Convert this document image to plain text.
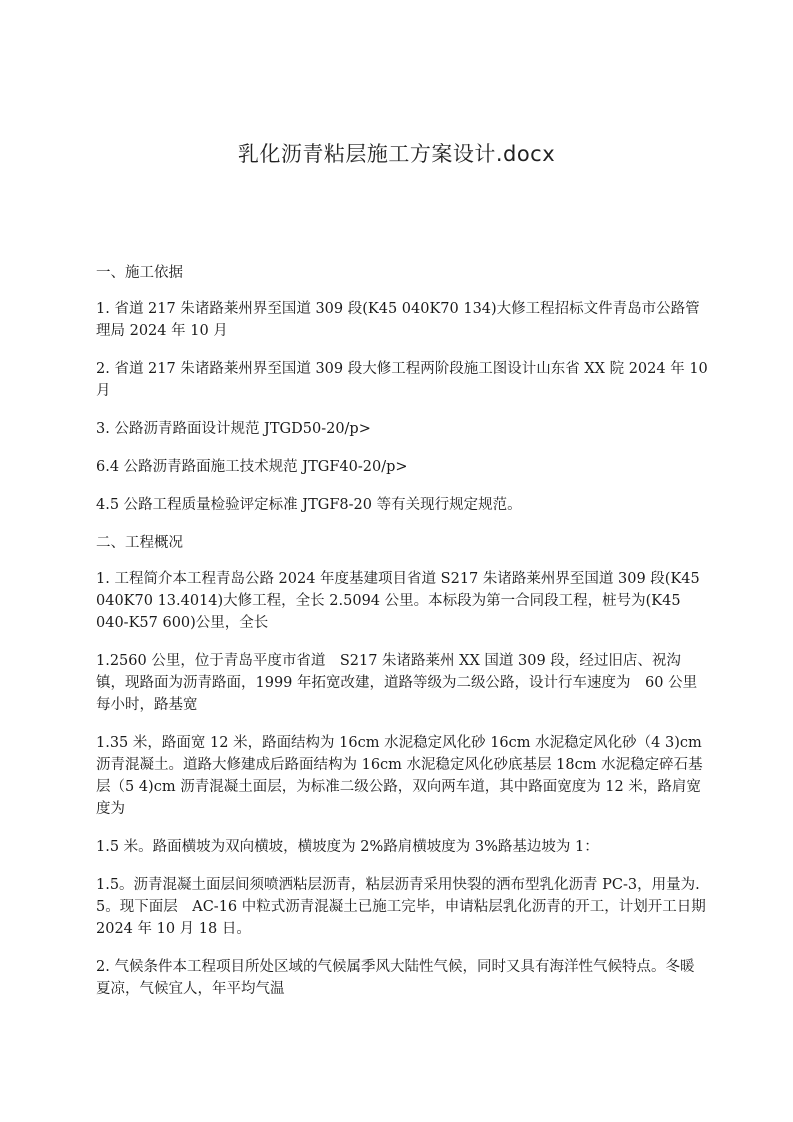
乳化沥青粘层施工方案设计.docx

一、施工依据

1. 省道 217 朱诸路莱州界至国道 309 段(K45 040K70 134)大修工程招标文件青岛市公路管理局 2024 年 10 月

2. 省道 217 朱诸路莱州界至国道 309 段大修工程两阶段施工图设计山东省 XX 院 2024 年 10 月

3. 公路沥青路面设计规范 JTGD50-20/p>

6.4 公路沥青路面施工技术规范 JTGF40-20/p>

4.5 公路工程质量检验评定标准 JTGF8-20 等有关现行规定规范。

二、工程概况

1. 工程简介本工程青岛公路 2024 年度基建项目省道 S217 朱诸路莱州界至国道 309 段(K45 040K70 13.4014)大修工程，全长 2.5094 公里。本标段为第一合同段工程，桩号为(K45 040-K57 600)公里，全长

1.2560 公里，位于青岛平度市省道　S217 朱诸路莱州 XX 国道 309 段，经过旧店、祝沟镇，现路面为沥青路面，1999 年拓宽改建，道路等级为二级公路，设计行车速度为　60 公里每小时，路基宽

1.35 米，路面宽 12 米，路面结构为 16cm 水泥稳定风化砂 16cm 水泥稳定风化砂（4 3)cm 沥青混凝土。道路大修建成后路面结构为 16cm 水泥稳定风化砂底基层 18cm 水泥稳定碎石基层（5 4)cm 沥青混凝土面层，为标准二级公路，双向两车道，其中路面宽度为 12 米，路肩宽度为

1.5 米。路面横坡为双向横坡，横坡度为 2%路肩横坡度为 3%路基边坡为 1：

1.5。沥青混凝土面层间须喷洒粘层沥青，粘层沥青采用快裂的洒布型乳化沥青 PC-3，用量为. 5。现下面层　AC-16 中粒式沥青混凝土已施工完毕，申请粘层乳化沥青的开工，计划开工日期 2024 年 10 月 18 日。

2. 气候条件本工程项目所处区域的气候属季风大陆性气候，同时又具有海洋性气候特点。冬暖夏凉，气候宜人，年平均气温
